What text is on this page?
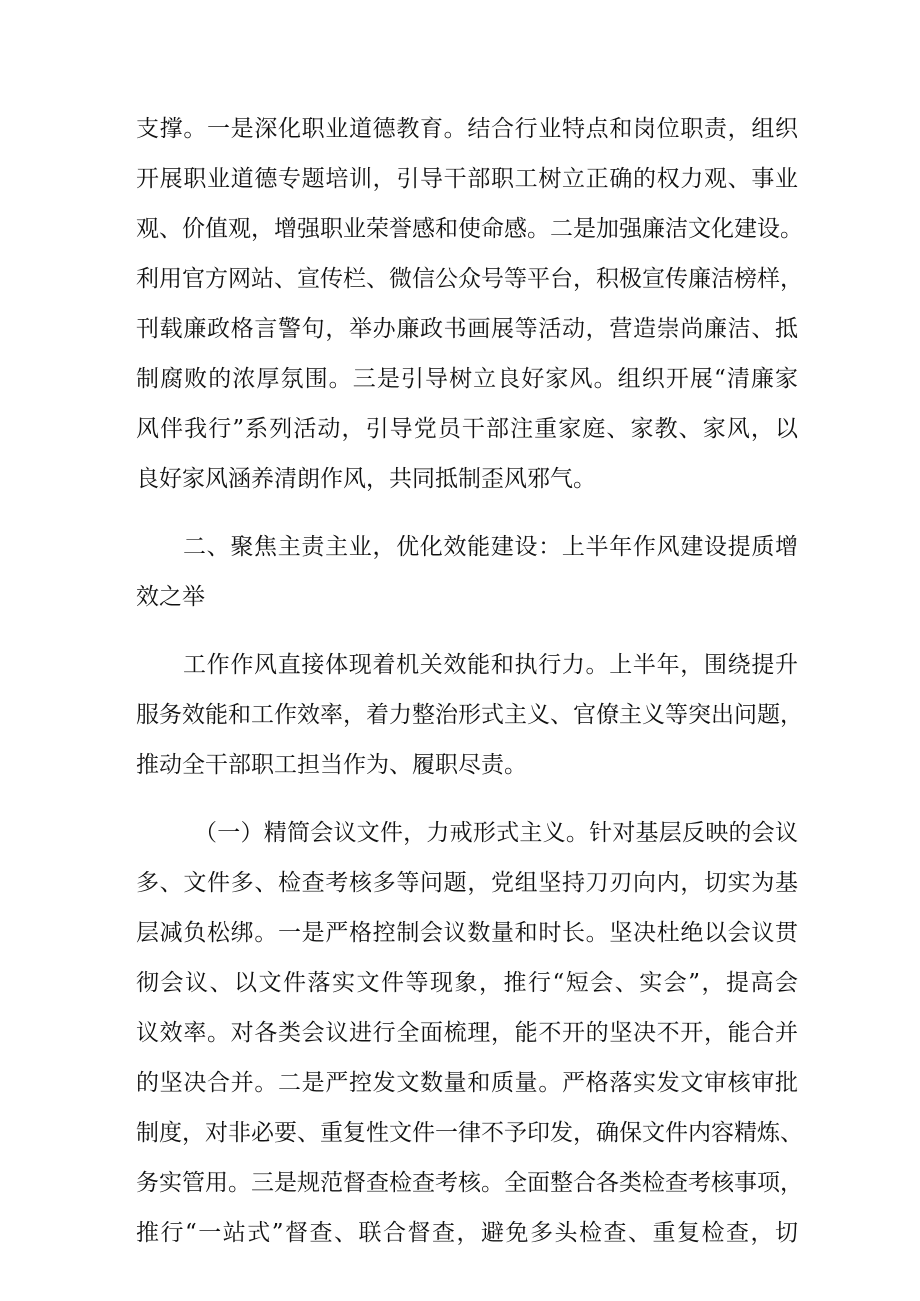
支撑。一是深化职业道德教育。结合行业特点和岗位职责，组织
开展职业道德专题培训，引导干部职工树立正确的权力观、事业
观、价值观，增强职业荣誉感和使命感。二是加强廉洁文化建设。
利用官方网站、宣传栏、微信公众号等平台，积极宣传廉洁榜样，
刊载廉政格言警句，举办廉政书画展等活动，营造崇尚廉洁、抵
制腐败的浓厚氛围。三是引导树立良好家风。组织开展“清廉家
风伴我行”系列活动，引导党员干部注重家庭、家教、家风，以
良好家风涵养清朗作风，共同抵制歪风邪气。
二、聚焦主责主业，优化效能建设：上半年作风建设提质增
效之举
工作作风直接体现着机关效能和执行力。上半年，围绕提升
服务效能和工作效率，着力整治形式主义、官僚主义等突出问题，
推动全干部职工担当作为、履职尽责。
（一）精简会议文件，力戒形式主义。针对基层反映的会议
多、文件多、检查考核多等问题，党组坚持刀刃向内，切实为基
层减负松绑。一是严格控制会议数量和时长。坚决杜绝以会议贯
彻会议、以文件落实文件等现象，推行“短会、实会”，提高会
议效率。对各类会议进行全面梳理，能不开的坚决不开，能合并
的坚决合并。二是严控发文数量和质量。严格落实发文审核审批
制度，对非必要、重复性文件一律不予印发，确保文件内容精炼、
务实管用。三是规范督查检查考核。全面整合各类检查考核事项，
推行“一站式”督查、联合督查，避免多头检查、重复检查，切
